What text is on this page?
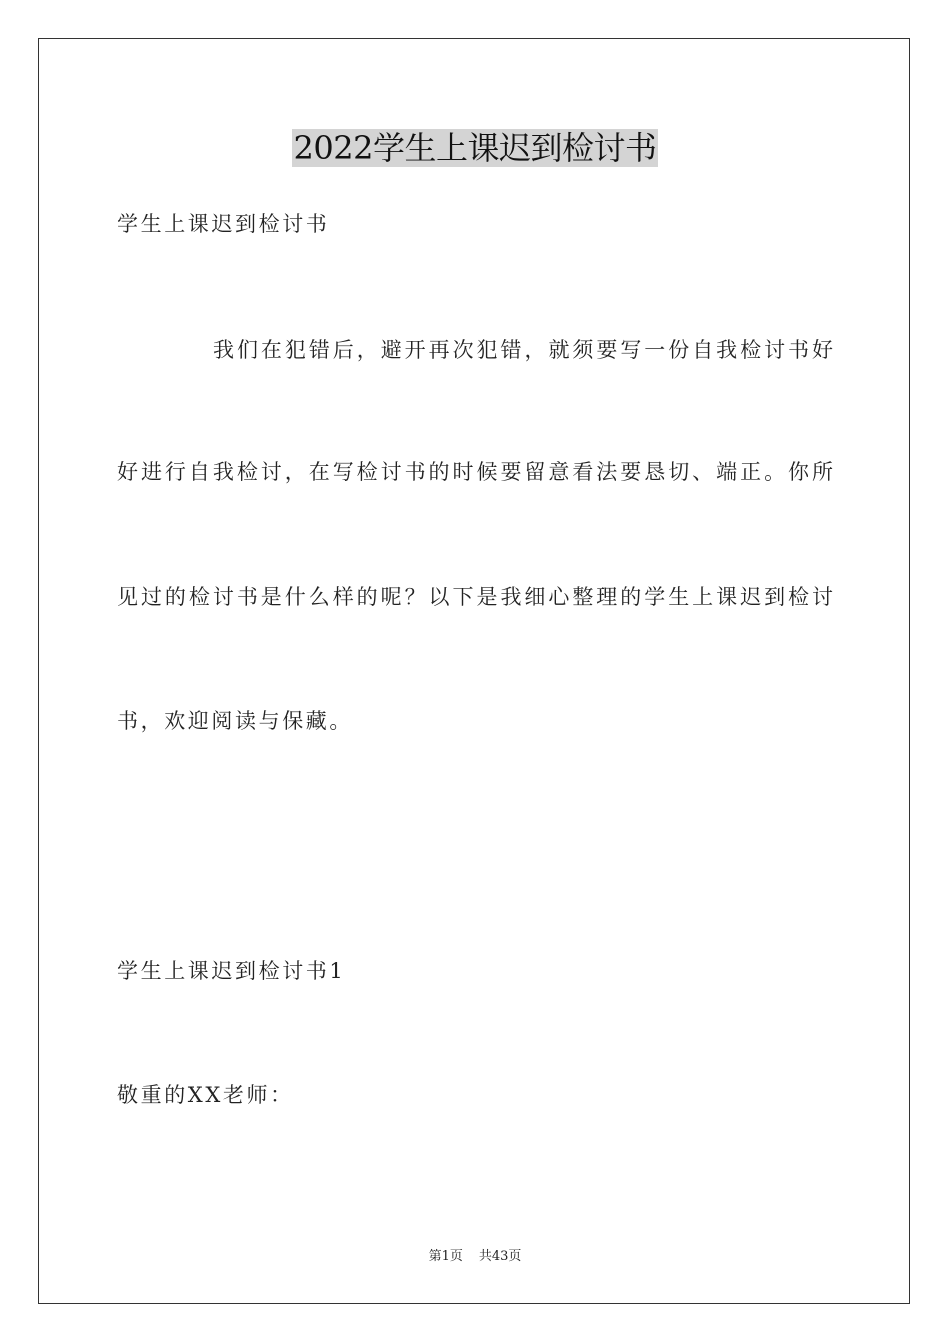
2022学生上课迟到检讨书
学生上课迟到检讨书
我们在犯错后，避开再次犯错，就须要写一份自我检讨书好
好进行自我检讨，在写检讨书的时候要留意看法要恳切、端正。你所
见过的检讨书是什么样的呢？以下是我细心整理的学生上课迟到检讨
书，欢迎阅读与保藏。
学生上课迟到检讨书1
敬重的XX老师：
第1页 共43页
